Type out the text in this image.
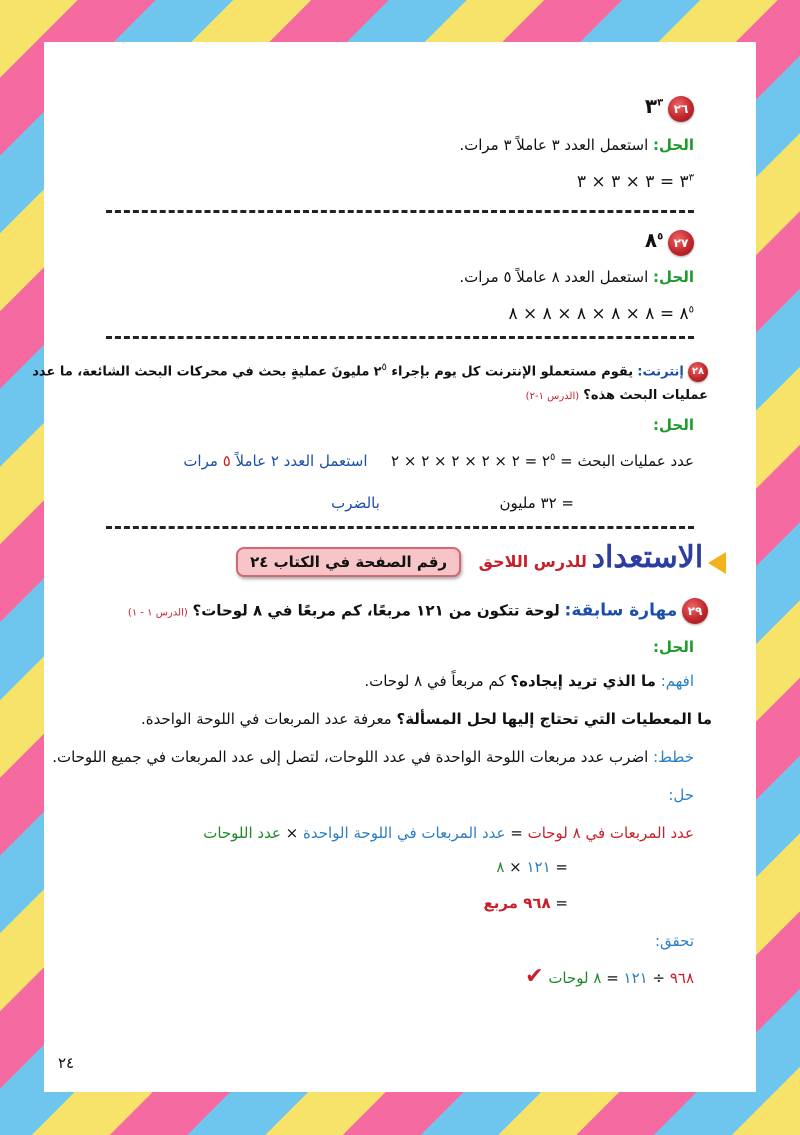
٢٦ $٣^٣$
الحل: استعمل العدد ٣ عاملاً ٣ مرات.
$٣^٣$ = ٣ × ٣ × ٣
٢٧ $٨^٥$
الحل: استعمل العدد ٨ عاملاً ٥ مرات.
$٨^٥$ = ٨ × ٨ × ٨ × ٨ × ٨
٢٨ إنترنت: يقوم مستعملو الإنترنت كل يوم بإجراء $٢^٥$ مليونَ عمليةٍ بحث في محركات البحث الشائعة، ما عدد
عمليات البحث هذه؟ (الدرس ١-٢)
الحل:
عدد عمليات البحث = $٢^٥$ = ٢ × ٢ × ٢ × ٢ × ٢  استعمل العدد ٢ عاملاً ٥ مرات
= ٣٢ مليون  بالضرب
الاستعداد للدرس اللاحق  رقم الصفحة في الكتاب ٢٤
٢٩ مهارة سابقة: لوحة تتكون من ١٢١ مربعًا، كم مربعًا في ٨ لوحات؟ (الدرس ١ - ١)
الحل:
افهم: ما الذي تريد إيجاده؟ كم مربعاً في ٨ لوحات.
ما المعطيات التي تحتاج إليها لحل المسألة؟ معرفة عدد المربعات في اللوحة الواحدة.
خطط: اضرب عدد مربعات اللوحة الواحدة في عدد اللوحات، لتصل إلى عدد المربعات في جميع اللوحات.
حل:
عدد المربعات في ٨ لوحات = عدد المربعات في اللوحة الواحدة × عدد اللوحات
= ١٢١ × ٨
= ٩٦٨ مربع
تحقق:
٩٦٨ ÷ ١٢١ = ٨ لوحات ✔
٢٤
